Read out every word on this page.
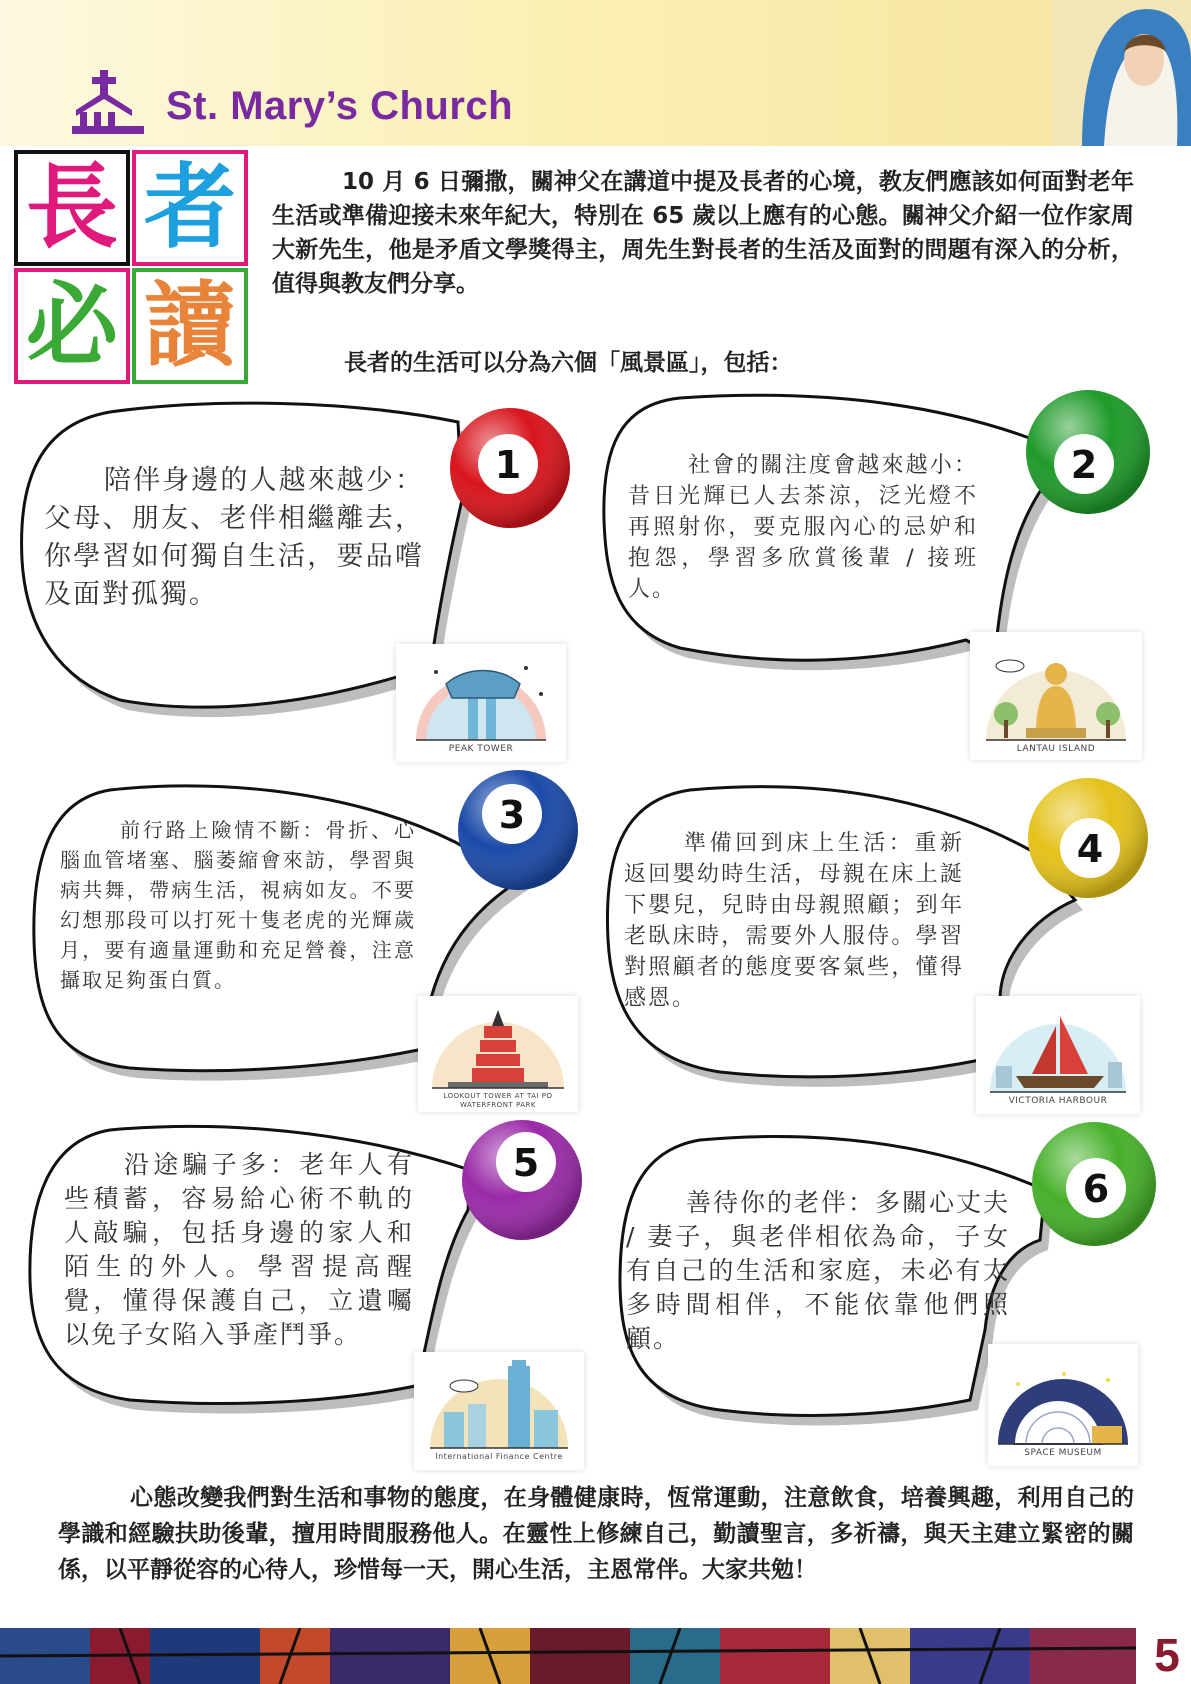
St. Mary’s Church
長 者
必 讀

10 月 6 日彌撒，關神父在講道中提及長者的心境，教友們應該如何面對老年生活或準備迎接未來年紀大，特別在 65 歲以上應有的心態。關神父介紹一位作家周大新先生，他是矛盾文學獎得主，周先生對長者的生活及面對的問題有深入的分析，值得與教友們分享。

長者的生活可以分為六個「風景區」，包括：
1	2
3
4
5
6
陪伴身邊的人越來越少：父母、朋友、老伴相繼離去，你學習如何獨自生活，要品嚐及面對孤獨。
社會的關注度會越來越小：昔日光輝已人去茶涼，泛光燈不再照射你，要克服內心的忌妒和抱怨，學習多欣賞後輩 / 接班人。
前行路上險情不斷：骨折、心腦血管堵塞、腦萎縮會來訪，學習與病共舞，帶病生活，視病如友。不要幻想那段可以打死十隻老虎的光輝歲月，要有適量運動和充足營養，注意攝取足夠蛋白質。
準備回到床上生活：重新返回嬰幼時生活，母親在床上誕下嬰兒，兒時由母親照顧；到年老臥床時，需要外人服侍。學習對照顧者的態度要客氣些，懂得感恩。
沿途騙子多：老年人有些積蓄，容易給心術不軌的人敲騙，包括身邊的家人和陌生的外人。學習提高醒覺，懂得保護自己，立遺囑以免子女陷入爭產鬥爭。
善待你的老伴：多關心丈夫 / 妻子，與老伴相依為命，子女有自己的生活和家庭，未必有太多時間相伴，不能依靠他們照顧。
PEAK TOWER	LANTAU ISLAND
LOOKOUT TOWER AT TAI PO WATERFRONT PARK	VICTORIA HARBOUR
International Finance Centre	SPACE MUSEUM

心態改變我們對生活和事物的態度，在身體健康時，恆常運動，注意飲食，培養興趣，利用自己的學識和經驗扶助後輩，擅用時間服務他人。在靈性上修練自己，勤讀聖言，多祈禱，與天主建立緊密的關係，以平靜從容的心待人，珍惜每一天，開心生活，主恩常伴。大家共勉！

5
